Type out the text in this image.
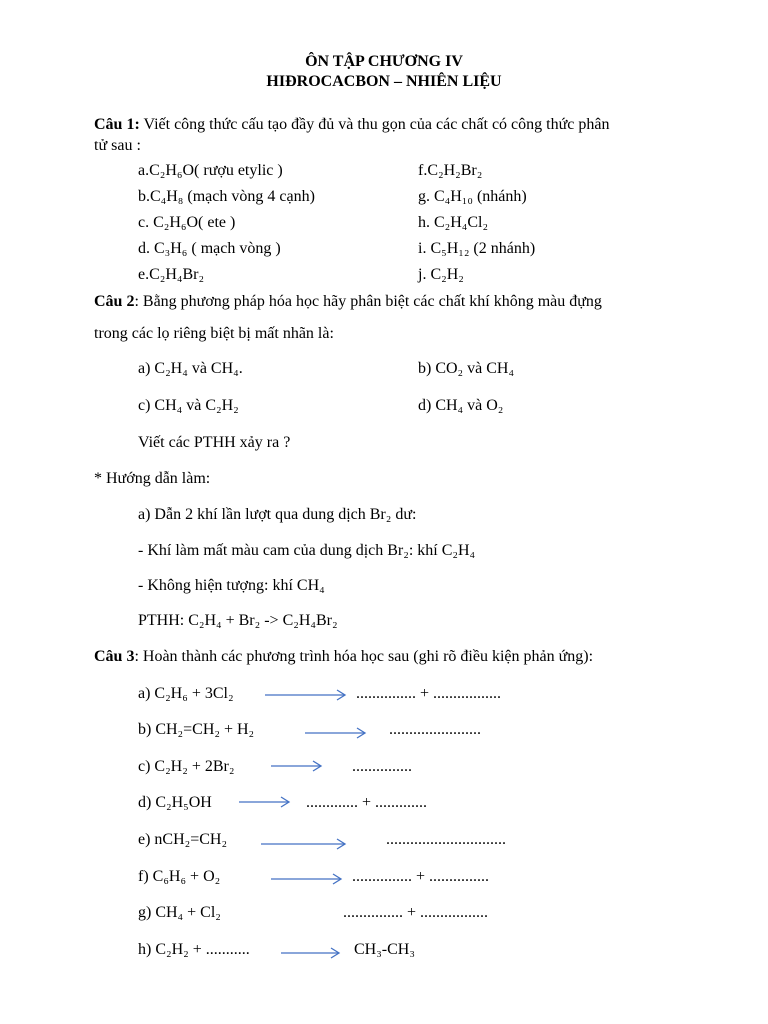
ÔN TẬP CHƯƠNG IV
HIĐROCACBON – NHIÊN LIỆU
Câu 1: Viết công thức cấu tạo đầy đủ và thu gọn của các chất có công thức phân
tử sau :
a.C₂H₆O( rượu etylic )	f.C₂H₂Br₂
b.C₄H₈ (mạch vòng 4 cạnh)	g. C₄H₁₀ (nhánh)
c. C₂H₆O( ete )	h. C₂H₄Cl₂
d. C₃H₆ ( mạch vòng )	i. C₅H₁₂ (2 nhánh)
e.C₂H₄Br₂	j. C₂H₂
Câu 2: Bằng phương pháp hóa học hãy phân biệt các chất khí không màu đựng
trong các lọ riêng biệt bị mất nhãn là:
a) C₂H₄ và CH₄.	b) CO₂ và CH₄
c) CH₄ và C₂H₂	d) CH₄ và O₂
Viết các PTHH xảy ra ?
* Hướng dẫn làm:
a) Dẫn 2 khí lần lượt qua dung dịch Br₂ dư:
- Khí làm mất màu cam của dung dịch Br₂: khí C₂H₄
- Không hiện tượng: khí CH₄
PTHH: C₂H₄ + Br₂ -> C₂H₄Br₂
Câu 3: Hoàn thành các phương trình hóa học sau (ghi rõ điều kiện phản ứng):
a) C₂H₆ + 3Cl₂	............... + .................
b) CH₂=CH₂ + H₂	→ .......................
c) C₂H₂ + 2Br₂	...............
d) C₂H₅OH → ............. + .............
e) nCH₂=CH₂	..............................
f) C₆H₆ + O₂	............... + ...............
g) CH₄ + Cl₂	............... + .................
h) C₂H₂ + ........... → CH₃-CH₃
